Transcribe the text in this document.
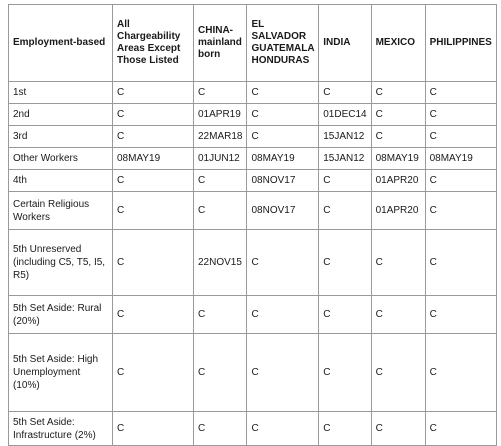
Employment-based	All Chargeability Areas Except Those Listed	CHINA-mainland born	EL SALVADOR GUATEMALA HONDURAS	INDIA	MEXICO	PHILIPPINES
1st	C	C	C	C	C	C
2nd	C	01APR19	C	01DEC14	C	C
3rd	C	22MAR18	C	15JAN12	C	C
Other Workers	08MAY19	01JUN12	08MAY19	15JAN12	08MAY19	08MAY19
4th	C	C	08NOV17	C	01APR20	C
Certain Religious Workers	C	C	08NOV17	C	01APR20	C
5th Unreserved (including C5, T5, I5, R5)	C	22NOV15	C	C	C	C
5th Set Aside: Rural (20%)	C	C	C	C	C	C
5th Set Aside: High Unemployment (10%)	C	C	C	C	C	C
5th Set Aside: Infrastructure (2%)	C	C	C	C	C	C
